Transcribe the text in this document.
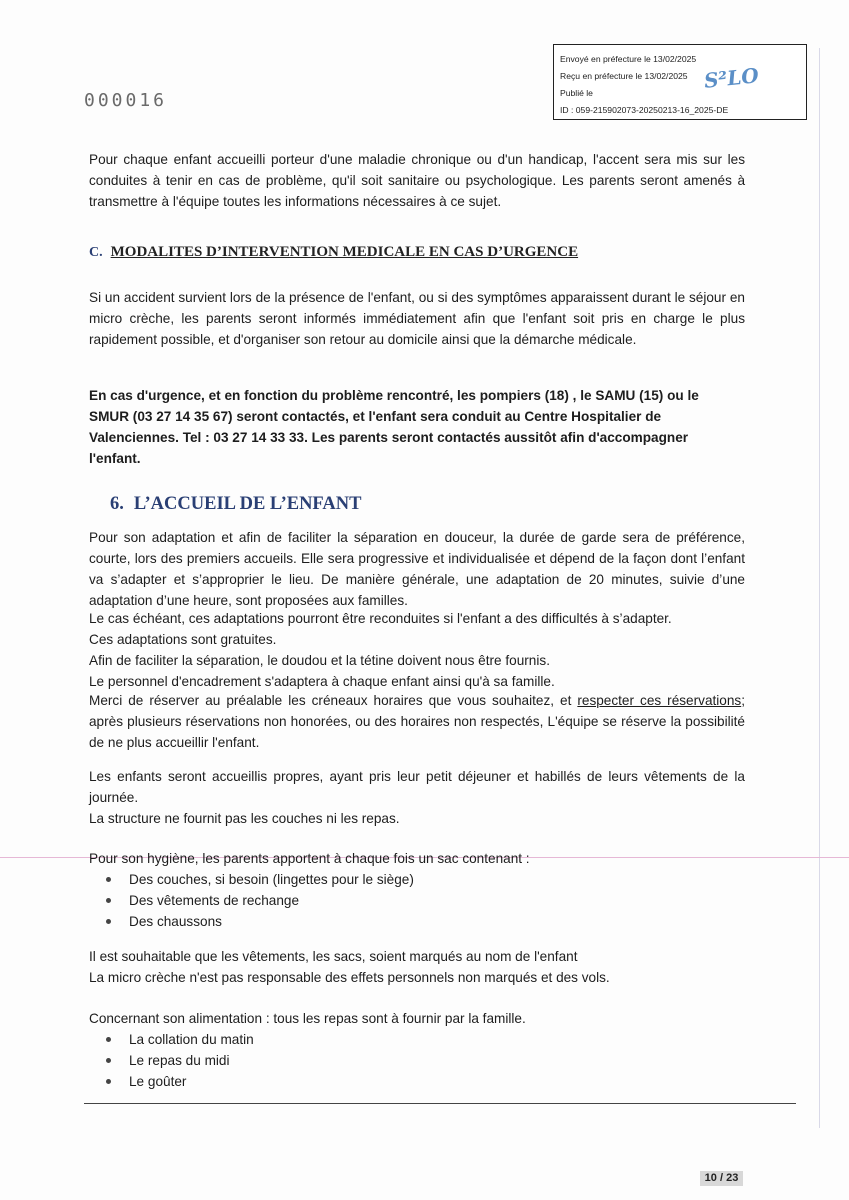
Envoyé en préfecture le 13/02/2025
Reçu en préfecture le 13/02/2025
Publié le
ID : 059-215902073-20250213-16_2025-DE
S²LO
000016
Pour chaque enfant accueilli porteur d'une maladie chronique ou d'un handicap, l'accent sera mis sur les conduites à tenir en cas de problème, qu'il soit sanitaire ou psychologique. Les parents seront amenés à transmettre à l'équipe toutes les informations nécessaires à ce sujet.
C. MODALITES D’INTERVENTION MEDICALE EN CAS D’URGENCE
Si un accident survient lors de la présence de l'enfant, ou si des symptômes apparaissent durant le séjour en micro crèche, les parents seront informés immédiatement afin que l'enfant soit pris en charge le plus rapidement possible, et d'organiser son retour au domicile ainsi que la démarche médicale.
En cas d'urgence, et en fonction du problème rencontré, les pompiers (18) , le SAMU (15) ou le
SMUR (03 27 14 35 67) seront contactés, et l'enfant sera conduit au Centre Hospitalier de
Valenciennes. Tel : 03 27 14 33 33. Les parents seront contactés aussitôt afin d'accompagner
l'enfant.
6. L’ACCUEIL DE L’ENFANT
Pour son adaptation et afin de faciliter la séparation en douceur, la durée de garde sera de préférence, courte, lors des premiers accueils. Elle sera progressive et individualisée et dépend de la façon dont l’enfant va s’adapter et s’approprier le lieu. De manière générale, une adaptation de 20 minutes, suivie d’une adaptation d’une heure, sont proposées aux familles.
Le cas échéant, ces adaptations pourront être reconduites si l'enfant a des difficultés à s’adapter.
Ces adaptations sont gratuites.
Afin de faciliter la séparation, le doudou et la tétine doivent nous être fournis.
Le personnel d'encadrement s'adaptera à chaque enfant ainsi qu'à sa famille.
Merci de réserver au préalable les créneaux horaires que vous souhaitez, et respecter ces réservations; après plusieurs réservations non honorées, ou des horaires non respectés, L'équipe se réserve la possibilité de ne plus accueillir l'enfant.
Les enfants seront accueillis propres, ayant pris leur petit déjeuner et habillés de leurs vêtements de la journée.
La structure ne fournit pas les couches ni les repas.
Pour son hygiène, les parents apportent à chaque fois un sac contenant :
Des couches, si besoin (lingettes pour le siège)
Des vêtements de rechange
Des chaussons
Il est souhaitable que les vêtements, les sacs, soient marqués au nom de l'enfant
La micro crèche n'est pas responsable des effets personnels non marqués et des vols.
Concernant son alimentation : tous les repas sont à fournir par la famille.
La collation du matin
Le repas du midi
Le goûter
10 / 23
